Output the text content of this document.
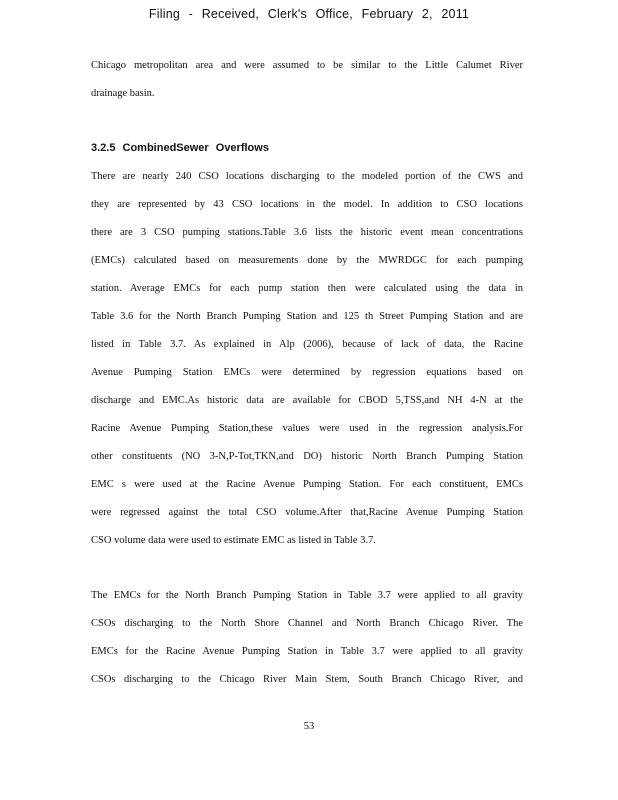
Filing - Received, Clerk's Office, February 2, 2011
Chicago metropolitan area and were assumed to be similar to the Little Calumet River
drainage basin.
3.2.5 CombinedSewer Overflows
There are nearly 240 CSO locations discharging to the modeled portion of the CWS and
they are represented by 43 CSO locations in the model. In addition to CSO locations
there are 3 CSO pumping stations.Table 3.6 lists the historic event mean concentrations
(EMCs) calculated based on measurements done by the MWRDGC for each pumping
station. Average EMCs for each pump station then were calculated using the data in
Table 3.6 for the North Branch Pumping Station and 125 th Street Pumping Station and are
listed in Table 3.7. As explained in Alp (2006), because of lack of data, the Racine
Avenue Pumping Station EMCs were determined by regression equations based on
discharge and EMC.As historic data are available for CBOD 5,TSS,and NH 4-N at the
Racine Avenue Pumping Station,these values were used in the regression analysis.For
other constituents (NO 3-N,P-Tot,TKN,and DO) historic North Branch Pumping Station
EMC s were used at the Racine Avenue Pumping Station. For each constituent, EMCs
were regressed against the total CSO volume.After that,Racine Avenue Pumping Station
CSO volume data were used to estimate EMC as listed in Table 3.7.
The EMCs for the North Branch Pumping Station in Table 3.7 were applied to all gravity
CSOs discharging to the North Shore Channel and North Branch Chicago River. The
EMCs for the Racine Avenue Pumping Station in Table 3.7 were applied to all gravity
CSOs discharging to the Chicago River Main Stem, South Branch Chicago River, and
53
